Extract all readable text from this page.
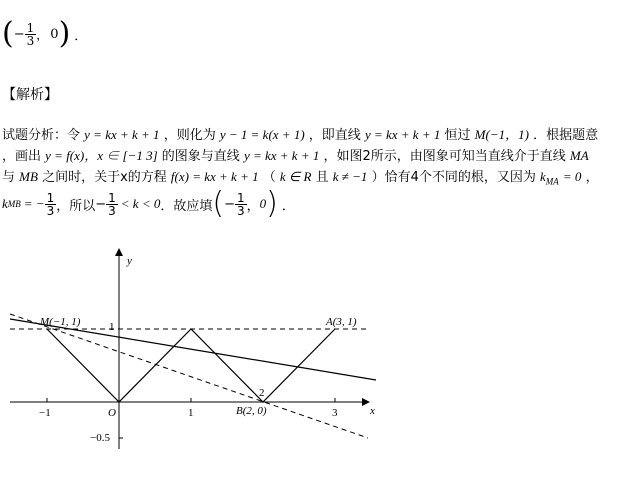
( − $\frac{1}{3}$ ， 0 ) ．
【解析】
试题分析：令 y = kx + k + 1 ，则化为 y − 1 = k(x + 1) ，即直线 y = kx + k + 1 恒过 M(−1，1) ．根据题意
，画出 y = f(x)，x ∈ [−1 3] 的图象与直线 y = kx + k + 1 ，如图2所示，由图象可知当直线介于直线 MA
与 MB 之间时，关于x的方程 f(x) = kx + k + 1 （ k ∈ R 且 k ≠ −1 ）恰有4个不同的根，又因为 $k_{MA} = 0$ ，
k MB = − $\frac{1}{3}$ ，所以 − $\frac{1}{3} < k < 0$ ．故应填 ( − $\frac{1}{3}$ ， 0 ) ．
y
x
−1	1	3
O
1
−0.5
M(−1, 1)	A(3, 1)
B(2, 0)
2
